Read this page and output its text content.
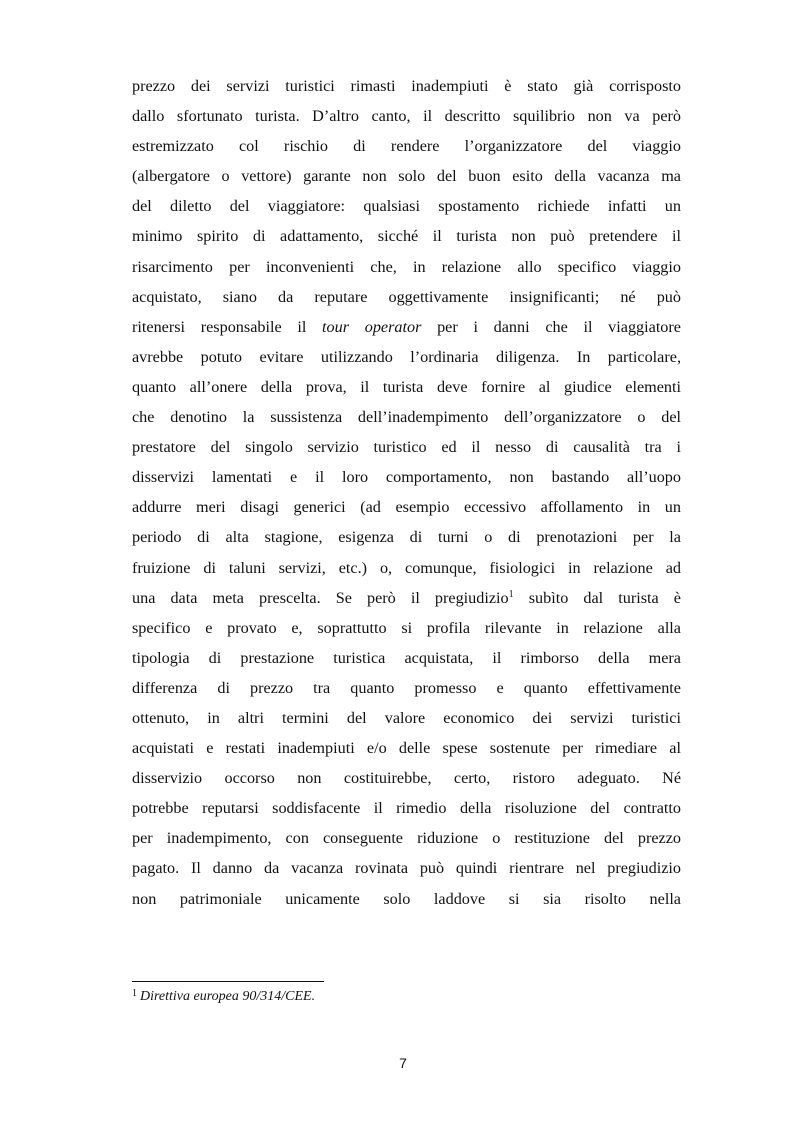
prezzo dei servizi turistici rimasti inadempiuti è stato già corrisposto
dallo sfortunato turista. D’altro canto, il descritto squilibrio non va però
estremizzato col rischio di rendere l’organizzatore del viaggio
(albergatore o vettore) garante non solo del buon esito della vacanza ma
del diletto del viaggiatore: qualsiasi spostamento richiede infatti un
minimo spirito di adattamento, sicché il turista non può pretendere il
risarcimento per inconvenienti che, in relazione allo specifico viaggio
acquistato, siano da reputare oggettivamente insignificanti; né può
ritenersi responsabile il tour operator per i danni che il viaggiatore
avrebbe potuto evitare utilizzando l’ordinaria diligenza. In particolare,
quanto all’onere della prova, il turista deve fornire al giudice elementi
che denotino la sussistenza dell’inadempimento dell’organizzatore o del
prestatore del singolo servizio turistico ed il nesso di causalità tra i
disservizi lamentati e il loro comportamento, non bastando all’uopo
addurre meri disagi generici (ad esempio eccessivo affollamento in un
periodo di alta stagione, esigenza di turni o di prenotazioni per la
fruizione di taluni servizi, etc.) o, comunque, fisiologici in relazione ad
una data meta prescelta. Se però il pregiudizio$^1$ subìto dal turista è
specifico e provato e, soprattutto si profila rilevante in relazione alla
tipologia di prestazione turistica acquistata, il rimborso della mera
differenza di prezzo tra quanto promesso e quanto effettivamente
ottenuto, in altri termini del valore economico dei servizi turistici
acquistati e restati inadempiuti e/o delle spese sostenute per rimediare al
disservizio occorso non costituirebbe, certo, ristoro adeguato. Né
potrebbe reputarsi soddisfacente il rimedio della risoluzione del contratto
per inadempimento, con conseguente riduzione o restituzione del prezzo
pagato. Il danno da vacanza rovinata può quindi rientrare nel pregiudizio
non patrimoniale unicamente solo laddove si sia risolto nella
$^1$ Direttiva europea 90/314/CEE.
7
